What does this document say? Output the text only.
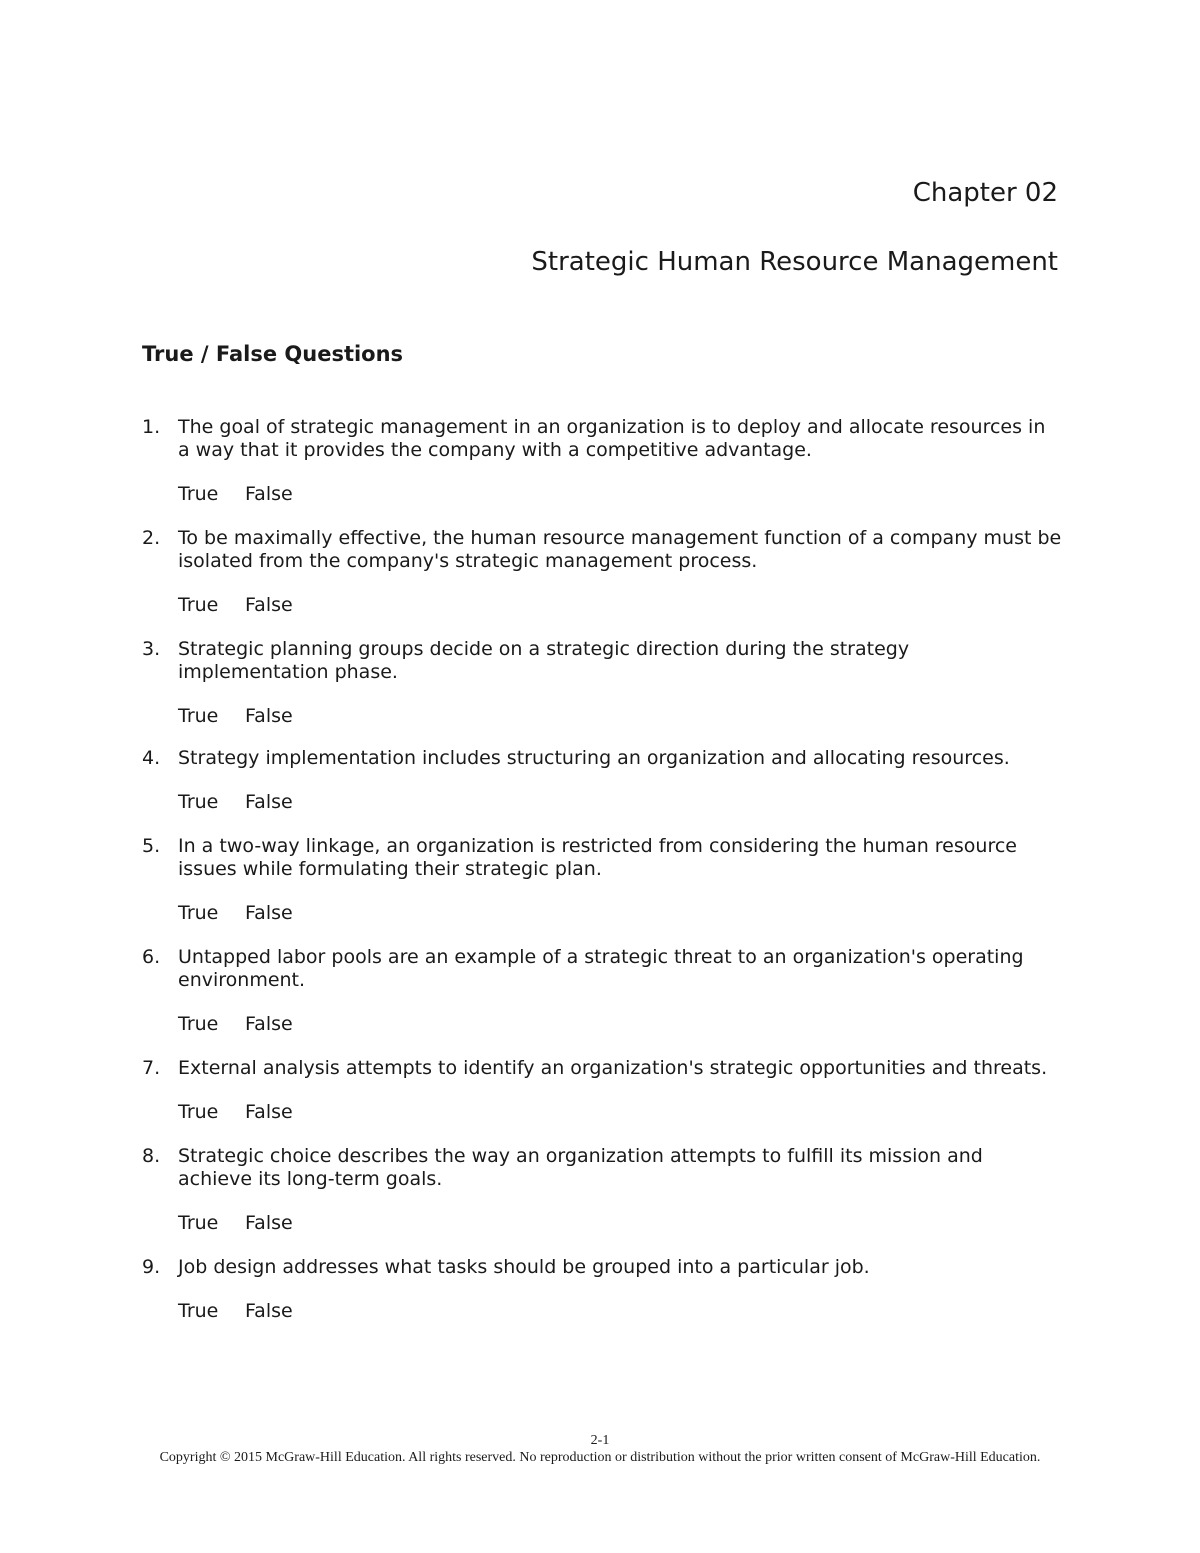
Chapter 02
Strategic Human Resource Management
True / False Questions
1. The goal of strategic management in an organization is to deploy and allocate resources in a way that it provides the company with a competitive advantage.

True False
2. To be maximally effective, the human resource management function of a company must be isolated from the company's strategic management process.

True False
3. Strategic planning groups decide on a strategic direction during the strategy implementation phase.

True False
4. Strategy implementation includes structuring an organization and allocating resources.

True False
5. In a two-way linkage, an organization is restricted from considering the human resource issues while formulating their strategic plan.

True False
6. Untapped labor pools are an example of a strategic threat to an organization's operating environment.

True False
7. External analysis attempts to identify an organization's strategic opportunities and threats.

True False
8. Strategic choice describes the way an organization attempts to fulfill its mission and achieve its long-term goals.

True False
9. Job design addresses what tasks should be grouped into a particular job.

True False
2-1
Copyright © 2015 McGraw-Hill Education. All rights reserved. No reproduction or distribution without the prior written consent of McGraw-Hill Education.
